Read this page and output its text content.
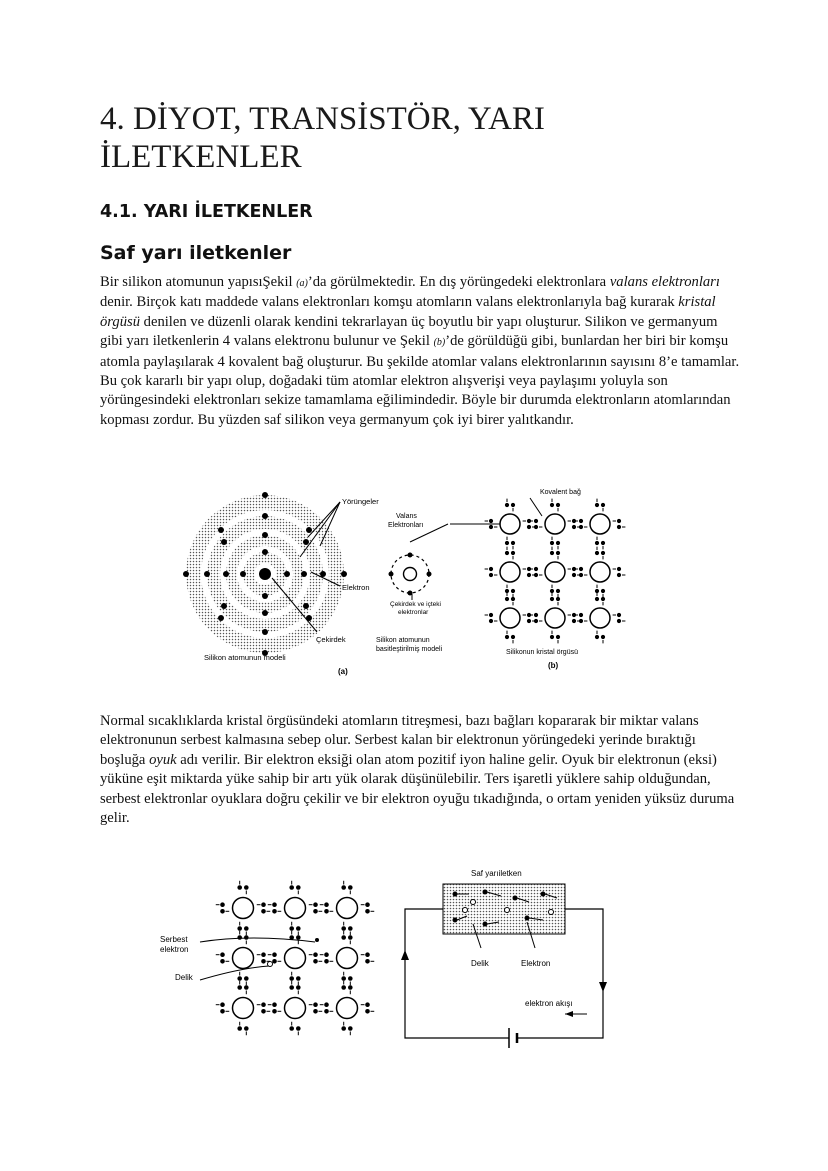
4. DİYOT, TRANSİSTÖR, YARI
İLETKENLER
4.1. YARI İLETKENLER
Saf yarı iletkenler

Bir silikon atomunun yapısıŞekil (a)’da görülmektedir. En dış yörüngedeki elektronlara valans elektronları denir. Birçok katı maddede valans elektronları komşu atomların valans elektronlarıyla bağ kurarak kristal örgüsü denilen ve düzenli olarak kendini tekrarlayan üç boyutlu bir yapı oluşturur. Silikon ve germanyum gibi yarı iletkenlerin 4 valans elektronu bulunur ve Şekil (b)’de görüldüğü gibi, bunlardan her biri bir komşu atomla paylaşılarak 4 kovalent bağ oluşturur. Bu şekilde atomlar valans elektronlarının sayısını 8’e tamamlar. Bu çok kararlı bir yapı olup, doğadaki tüm atomlar elektron alışverişi veya paylaşımı yoluyla son yörüngesindeki elektronları sekize tamamlama eğilimindedir. Böyle bir durumda elektronların atomlarından kopması zordur. Bu yüzden saf silikon veya germanyum çok iyi birer yalıtkandır.

Yörüngeler
Elektron
Çekirdek
Silikon atomunun modeli
(a)
Valans
Elektronları
Çekirdek ve içteki
elektronlar
Silikon atomunun
basitleştirilmiş modeli
Kovalent bağ
Silikonun kristal örgüsü
(b)

Normal sıcaklıklarda kristal örgüsündeki atomların titreşmesi, bazı bağları kopararak bir miktar valans elektronunun serbest kalmasına sebep olur. Serbest kalan bir elektronun yörüngedeki yerinde bıraktığı boşluğa oyuk adı verilir. Bir elektron eksiği olan atom pozitif iyon haline gelir. Oyuk bir elektronun (eksi) yüküne eşit miktarda yüke sahip bir artı yük olarak düşünülebilir. Ters işaretli yüklere sahip olduğundan, serbest elektronlar oyuklara doğru çekilir ve bir elektron oyuğu tıkadığında, o ortam yeniden yüksüz duruma gelir.

Serbest
elektron
Delik
Saf yarıiletken
Delik	Elektron
elektron akışı
